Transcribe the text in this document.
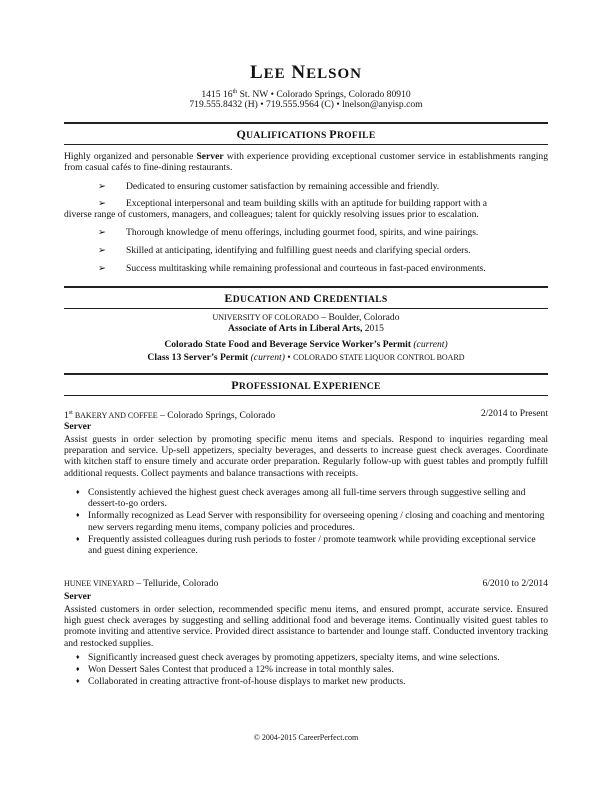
LEE NELSON
1415 16th St. NW • Colorado Springs, Colorado 80910
719.555.8432 (H) • 719.555.9564 (C) • lnelson@anyisp.com
QUALIFICATIONS PROFILE
Highly organized and personable Server with experience providing exceptional customer service in establishments ranging from casual cafés to fine-dining restaurants.
➢ Dedicated to ensuring customer satisfaction by remaining accessible and friendly.
➢ Exceptional interpersonal and team building skills with an aptitude for building rapport with a
diverse range of customers, managers, and colleagues; talent for quickly resolving issues prior to escalation.
➢ Thorough knowledge of menu offerings, including gourmet food, spirits, and wine pairings.
➢ Skilled at anticipating, identifying and fulfilling guest needs and clarifying special orders.
➢ Success multitasking while remaining professional and courteous in fast-paced environments.
EDUCATION AND CREDENTIALS
UNIVERSITY OF COLORADO – Boulder, Colorado
Associate of Arts in Liberal Arts, 2015
Colorado State Food and Beverage Service Worker’s Permit (current)
Class 13 Server’s Permit (current) • COLORADO STATE LIQUOR CONTROL BOARD
PROFESSIONAL EXPERIENCE
1st BAKERY AND COFFEE – Colorado Springs, Colorado	2/2014 to Present
Server
Assist guests in order selection by promoting specific menu items and specials. Respond to inquiries regarding meal preparation and service. Up-sell appetizers, specialty beverages, and desserts to increase guest check averages. Coordinate with kitchen staff to ensure timely and accurate order preparation. Regularly follow-up with guest tables and promptly fulfill additional requests. Collect payments and balance transactions with receipts.
♦ Consistently achieved the highest guest check averages among all full-time servers through suggestive selling and dessert-to-go orders.
♦ Informally recognized as Lead Server with responsibility for overseeing opening / closing and coaching and mentoring new servers regarding menu items, company policies and procedures.
♦ Frequently assisted colleagues during rush periods to foster / promote teamwork while providing exceptional service and guest dining experience.
HUNEE VINEYARD – Telluride, Colorado	6/2010 to 2/2014
Server
Assisted customers in order selection, recommended specific menu items, and ensured prompt, accurate service. Ensured high guest check averages by suggesting and selling additional food and beverage items. Continually visited guest tables to promote inviting and attentive service. Provided direct assistance to bartender and lounge staff. Conducted inventory tracking and restocked supplies.
♦ Significantly increased guest check averages by promoting appetizers, specialty items, and wine selections.
♦ Won Dessert Sales Contest that produced a 12% increase in total monthly sales.
♦ Collaborated in creating attractive front-of-house displays to market new products.
© 2004-2015 CareerPerfect.com
